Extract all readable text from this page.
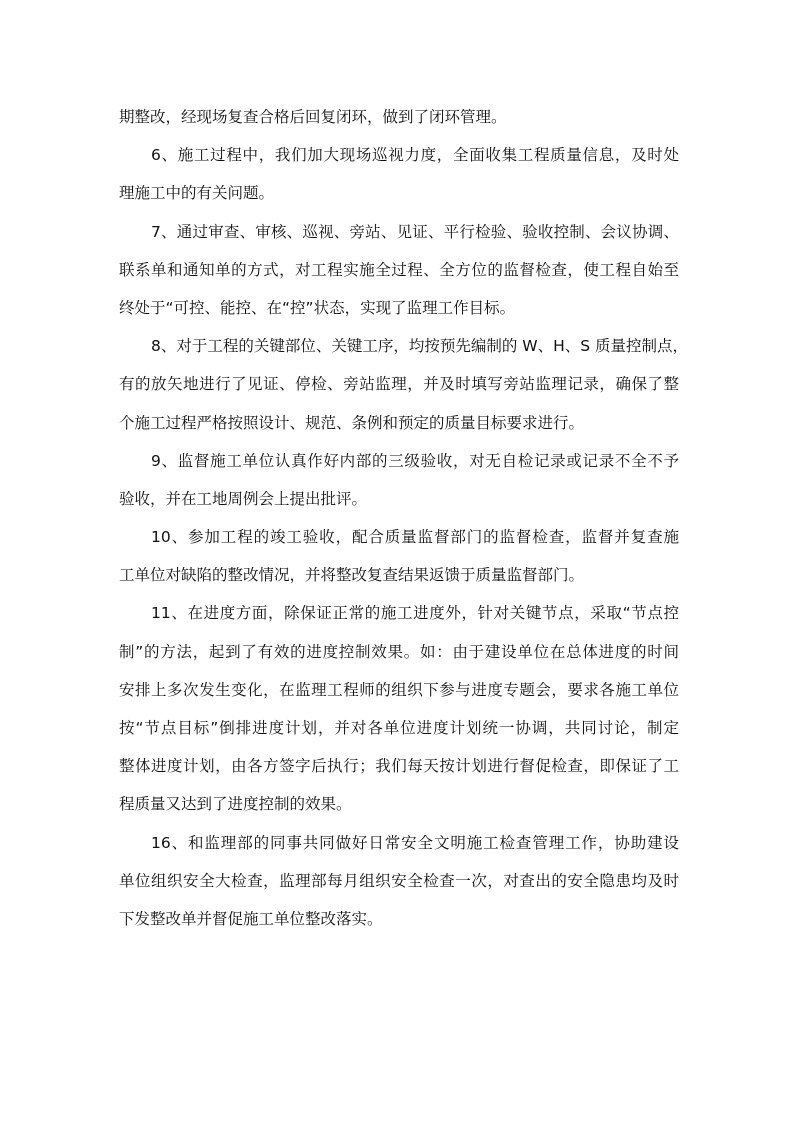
期整改，经现场复查合格后回复闭环，做到了闭环管理。
6、施工过程中，我们加大现场巡视力度，全面收集工程质量信息，及时处
理施工中的有关问题。
7、通过审查、审核、巡视、旁站、见证、平行检验、验收控制、会议协调、
联系单和通知单的方式，对工程实施全过程、全方位的监督检查，使工程自始至
终处于“可控、能控、在“控”状态，实现了监理工作目标。
8、对于工程的关键部位、关键工序，均按预先编制的 W、H、S 质量控制点，
有的放矢地进行了见证、停检、旁站监理，并及时填写旁站监理记录，确保了整
个施工过程严格按照设计、规范、条例和预定的质量目标要求进行。
9、监督施工单位认真作好内部的三级验收，对无自检记录或记录不全不予
验收，并在工地周例会上提出批评。
10、参加工程的竣工验收，配合质量监督部门的监督检查，监督并复查施
工单位对缺陷的整改情况，并将整改复查结果返馈于质量监督部门。
11、在进度方面，除保证正常的施工进度外，针对关键节点，采取“节点控
制”的方法，起到了有效的进度控制效果。如：由于建设单位在总体进度的时间
安排上多次发生变化，在监理工程师的组织下参与进度专题会，要求各施工单位
按“节点目标”倒排进度计划，并对各单位进度计划统一协调，共同讨论，制定
整体进度计划，由各方签字后执行；我们每天按计划进行督促检查，即保证了工
程质量又达到了进度控制的效果。
16、和监理部的同事共同做好日常安全文明施工检查管理工作，协助建设
单位组织安全大检查，监理部每月组织安全检查一次，对查出的安全隐患均及时
下发整改单并督促施工单位整改落实。
